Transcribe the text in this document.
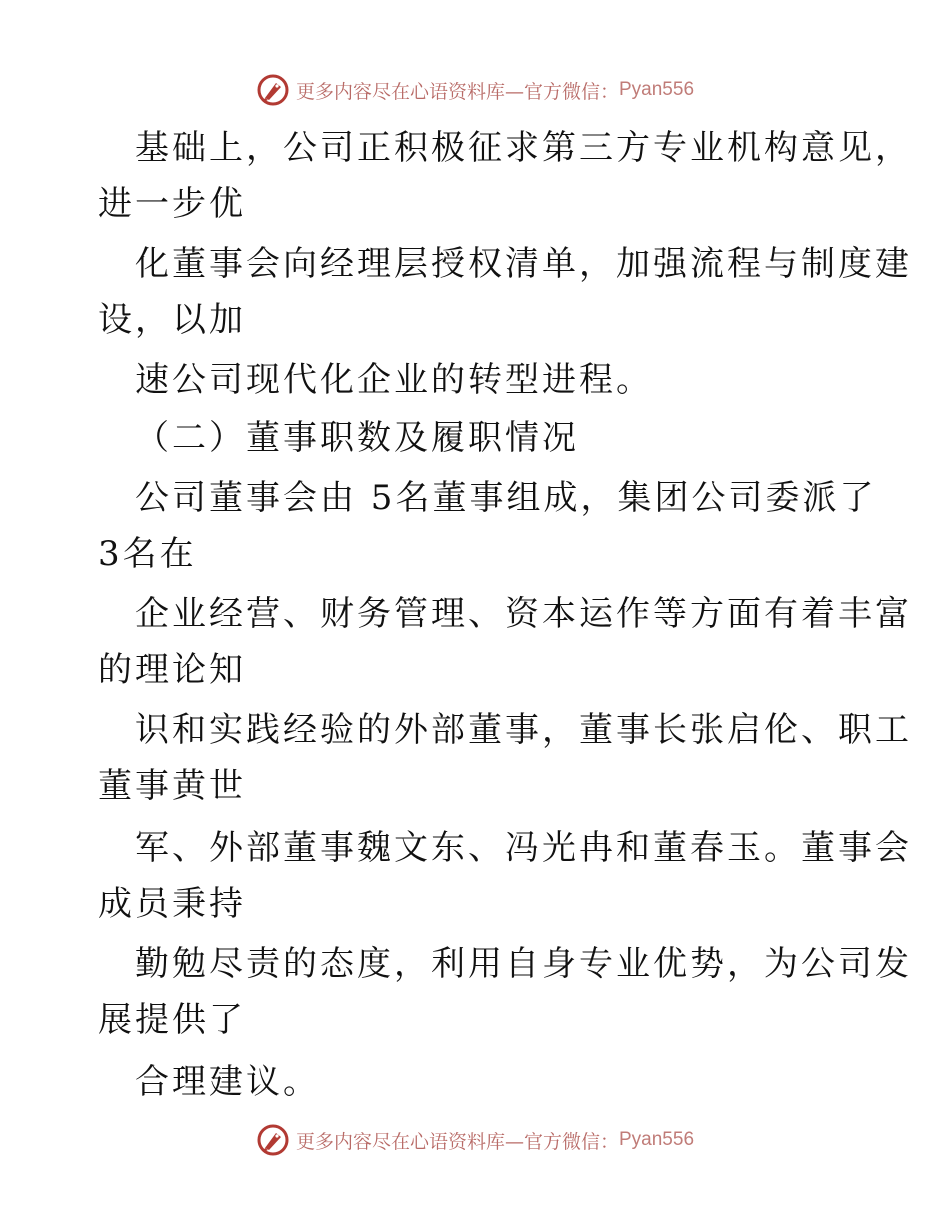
更多内容尽在心语资料库—官方微信： Pyan556
基础上，公司正积极征求第三方专业机构意见，
进一步优
化董事会向经理层授权清单，加强流程与制度建
设，以加
速公司现代化企业的转型进程。
（二）董事职数及履职情况
公司董事会由 5名董事组成，集团公司委派了
3名在
企业经营、财务管理、资本运作等方面有着丰富
的理论知
识和实践经验的外部董事，董事长张启伦、职工
董事黄世
军、外部董事魏文东、冯光冉和董春玉。董事会
成员秉持
勤勉尽责的态度，利用自身专业优势，为公司发
展提供了
合理建议。
更多内容尽在心语资料库—官方微信： Pyan556
